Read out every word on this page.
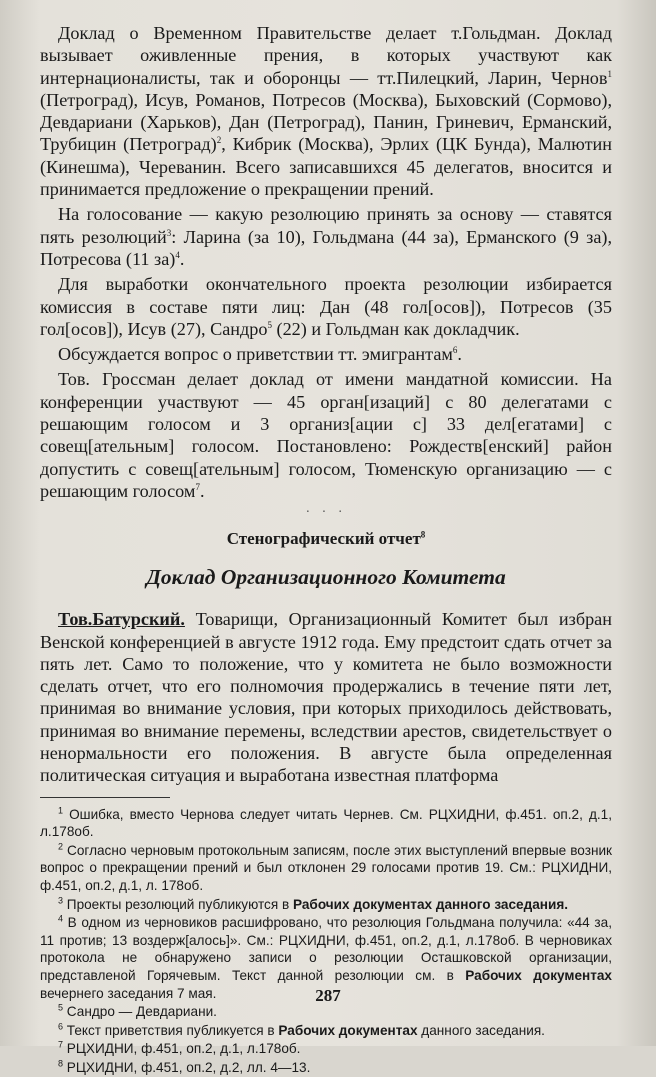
Доклад о Временном Правительстве делает т.Гольдман. Доклад вызывает оживленные прения, в которых участвуют как интернационалисты, так и оборонцы — тт.Пилецкий, Ларин, Чернов$^1$ (Петроград), Исув, Романов, Потресов (Москва), Быховский (Сормово), Девдариани (Харьков), Дан (Петроград), Панин, Гриневич, Ерманский, Трубицин (Петроград)$^2$, Кибрик (Москва), Эрлих (ЦК Бунда), Малютин (Кинешма), Череванин. Всего записавшихся 45 делегатов, вносится и принимается предложение о прекращении прений.

На голосование — какую резолюцию принять за основу — ставятся пять резолюций$^3$: Ларина (за 10), Гольдмана (44 за), Ерманского (9 за), Потресова (11 за)$^4$.

Для выработки окончательного проекта резолюции избирается комиссия в составе пяти лиц: Дан (48 гол[осов]), Потресов (35 гол[осов]), Исув (27), Сандро$^5$ (22) и Гольдман как докладчик.

Обсуждается вопрос о приветствии тт. эмигрантам$^6$.

Тов. Гроссман делает доклад от имени мандатной комиссии. На конференции участвуют — 45 орган[изаций] с 80 делегатами с решающим голосом и 3 организ[ации с] 33 дел[егатами] с совещ[ательным] голосом. Постановлено: Рождеств[енский] район допустить с совещ[ательным] голосом, Тюменскую организацию — с решающим голосом$^7$.

· · ·
Стенографический отчет$^8$
Доклад Организационного Комитета
Тов.Батурский. Товарищи, Организационный Комитет был избран Венской конференцией в августе 1912 года. Ему предстоит сдать отчет за пять лет. Само то положение, что у комитета не было возможности сделать отчет, что его полномочия продержались в течение пяти лет, принимая во внимание условия, при которых приходилось действовать, принимая во внимание перемены, вследствии арестов, свидетельствует о ненормальности его положения. В августе была определенная политическая ситуация и выработана известная платформа

$^1$ Ошибка, вместо Чернова следует читать Чернев. См. РЦХИДНИ, ф.451. оп.2, д.1, л.178об.

$^2$ Согласно черновым протокольным записям, после этих выступлений впервые возник вопрос о прекращении прений и был отклонен 29 голосами против 19. См.: РЦХИДНИ, ф.451, оп.2, д.1, л. 178об.

$^3$ Проекты резолюций публикуются в Рабочих документах данного заседания.

$^4$ В одном из черновиков расшифровано, что резолюция Гольдмана получила: «44 за, 11 против; 13 воздерж[алось]». См.: РЦХИДНИ, ф.451, оп.2, д.1, л.178об. В черновиках протокола не обнаружено записи о резолюции Осташковской организации, представленой Горячевым. Текст данной резолюции см. в Рабочих документах вечернего заседания 7 мая.

$^5$ Сандро — Девдариани.

$^6$ Текст приветствия публикуется в Рабочих документах данного заседания.

$^7$ РЦХИДНИ, ф.451, оп.2, д.1, л.178об.

$^8$ РЦХИДНИ, ф.451, оп.2, д.2, лл. 4—13.

287
